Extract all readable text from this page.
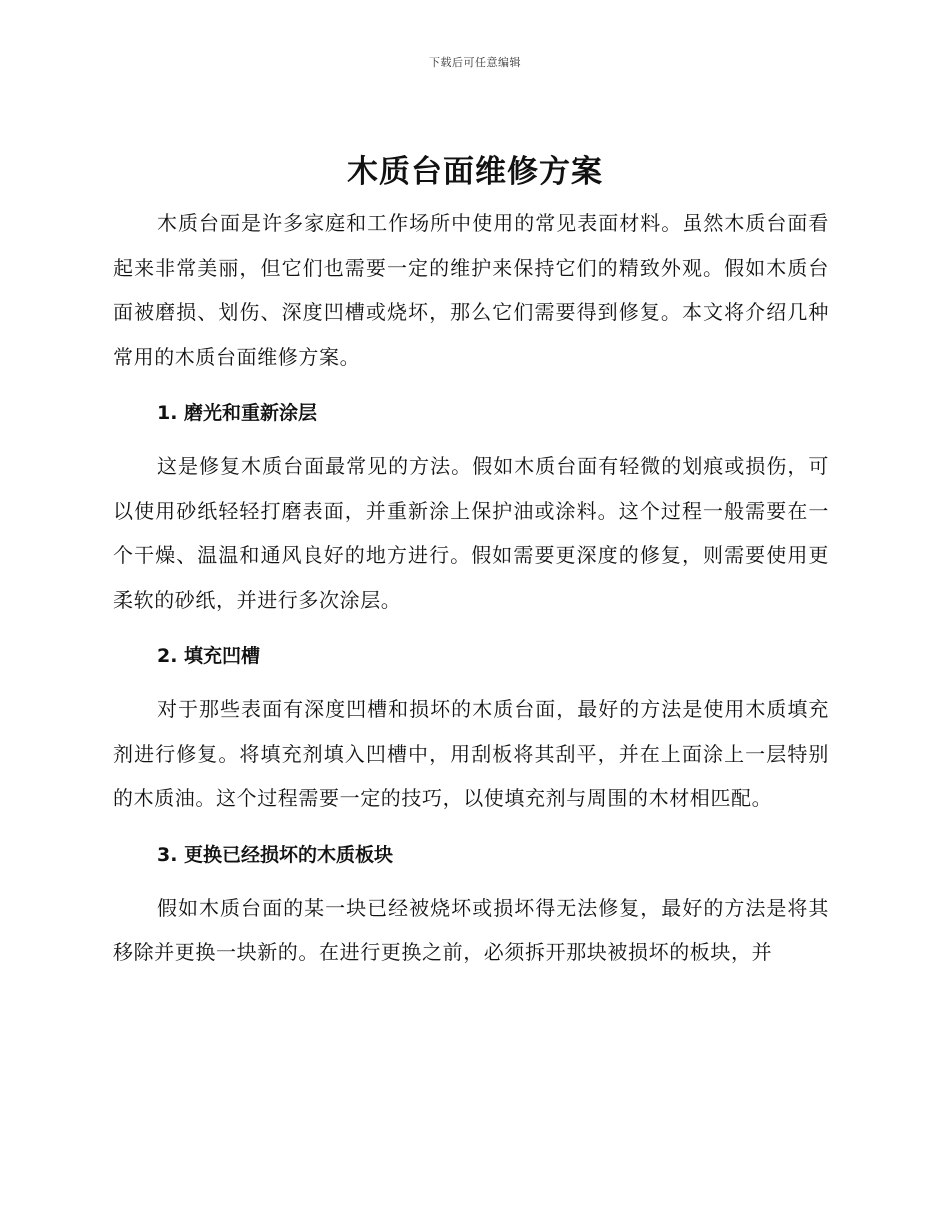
下载后可任意编辑
木质台面维修方案

木质台面是许多家庭和工作场所中使用的常见表面材料。虽然木质台面看起来非常美丽，但它们也需要一定的维护来保持它们的精致外观。假如木质台面被磨损、划伤、深度凹槽或烧坏，那么它们需要得到修复。本文将介绍几种常用的木质台面维修方案。

1. 磨光和重新涂层

这是修复木质台面最常见的方法。假如木质台面有轻微的划痕或损伤，可以使用砂纸轻轻打磨表面，并重新涂上保护油或涂料。这个过程一般需要在一个干燥、温温和通风良好的地方进行。假如需要更深度的修复，则需要使用更柔软的砂纸，并进行多次涂层。

2. 填充凹槽

对于那些表面有深度凹槽和损坏的木质台面，最好的方法是使用木质填充剂进行修复。将填充剂填入凹槽中，用刮板将其刮平，并在上面涂上一层特别的木质油。这个过程需要一定的技巧，以使填充剂与周围的木材相匹配。

3. 更换已经损坏的木质板块

假如木质台面的某一块已经被烧坏或损坏得无法修复，最好的方法是将其移除并更换一块新的。在进行更换之前，必须拆开那块被损坏的板块，并
